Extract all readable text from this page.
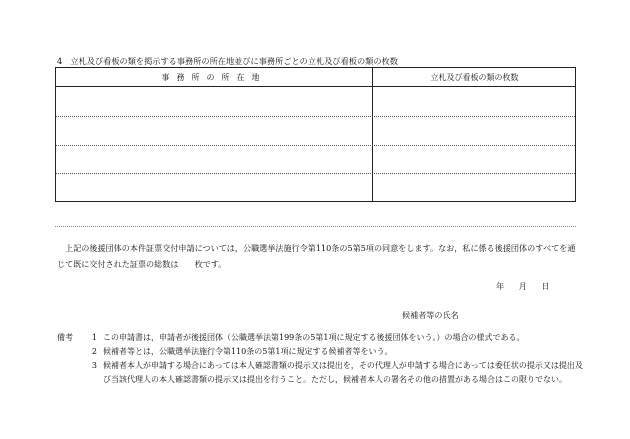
4　立札及び看板の類を掲示する事務所の所在地並びに事務所ごとの立札及び看板の類の枚数
事務所の所在地	立札及び看板の類の枚数

　上記の後援団体の本件証票交付申請については，公職選挙法施行令第110条の5第5項の同意をします。なお，私に係る後援団体のすべてを通

じて既に交付された証票の総数は　　枚です。

年 月 日
候補者等の氏名
備考 1 この申請書は，申請者が後援団体（公職選挙法第199条の5第1項に規定する後援団体をいう。）の場合の様式である。
2 候補者等とは，公職選挙法施行令第110条の5第1項に規定する候補者等をいう。
3 候補者本人が申請する場合にあっては本人確認書類の提示又は提出を，その代理人が申請する場合にあっては委任状の提示又は提出及
び当該代理人の本人確認書類の提示又は提出を行うこと。ただし，候補者本人の署名その他の措置がある場合はこの限りでない。
